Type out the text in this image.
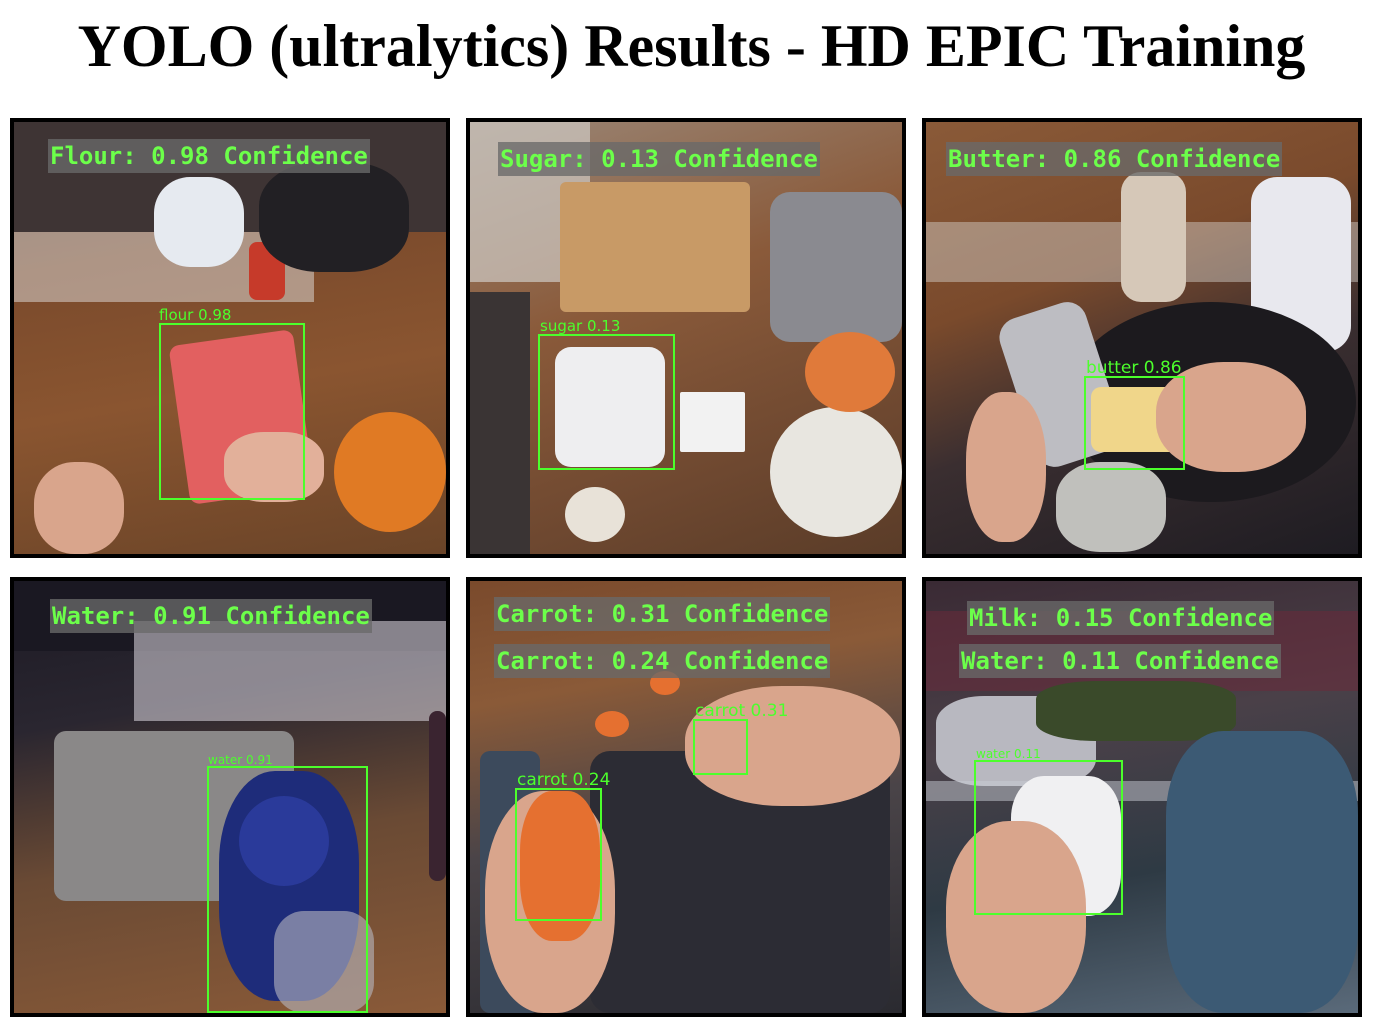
YOLO (ultralytics) Results - HD EPIC Training
Flour: 0.98 Confidence
flour 0.98
Sugar: 0.13 Confidence
sugar 0.13
Butter: 0.86 Confidence
butter 0.86
Water: 0.91 Confidence
water 0.91
Carrot: 0.31 Confidence
Carrot: 0.24 Confidence
carrot 0.31
carrot 0.24
Milk: 0.15 Confidence
Water: 0.11 Confidence
water 0.11
